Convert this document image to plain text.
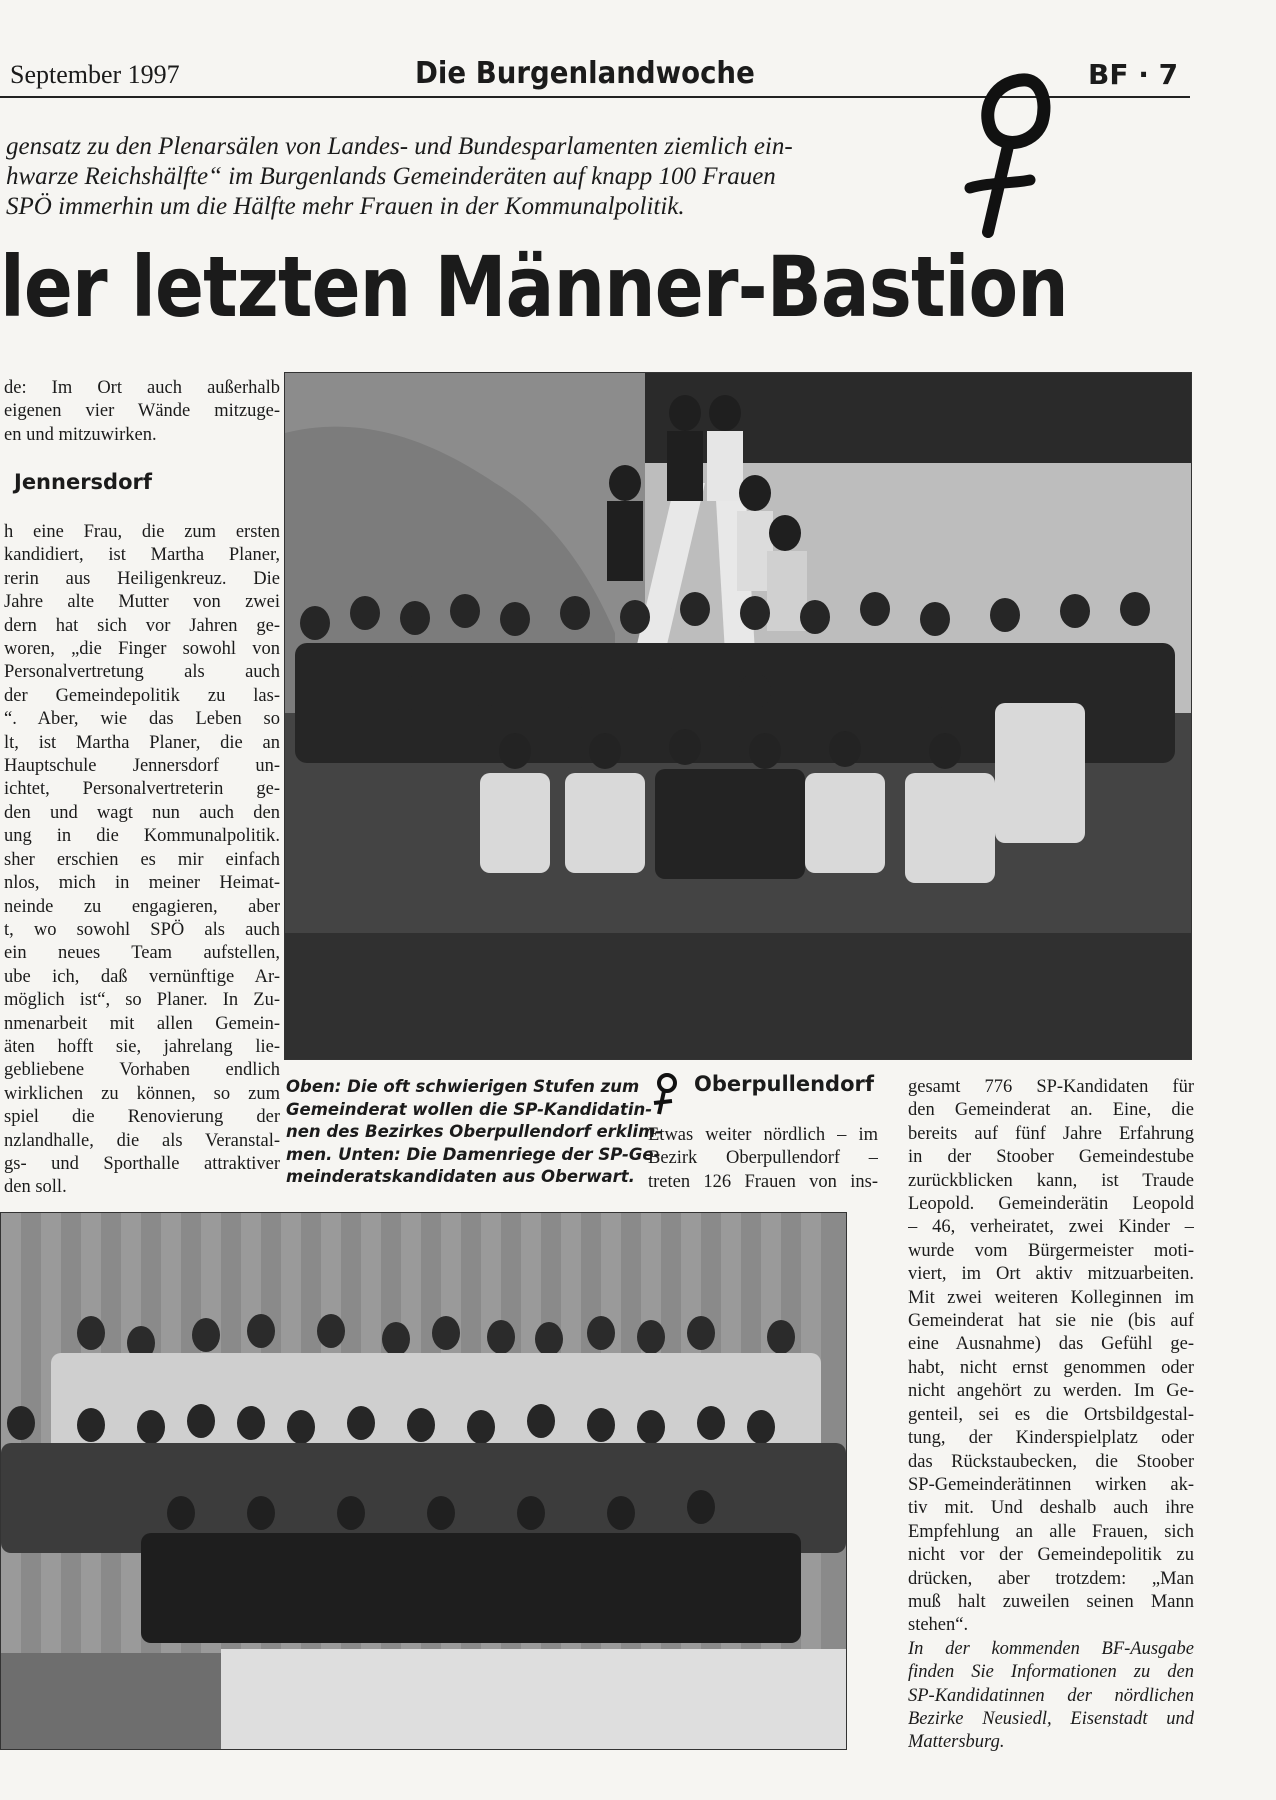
September 1997	Die Burgenlandwoche	BF · 7
gensatz zu den Plenarsälen von Landes- und Bundesparlamenten ziemlich ein-
hwarze Reichshälfte“ im Burgenlands Gemeinderäten auf knapp 100 Frauen
SPÖ immerhin um die Hälfte mehr Frauen in der Kommunalpolitik.
ler letzten Männer-Bastion
de: Im Ort auch außerhalb
eigenen vier Wände mitzuge-
en und mitzuwirken.
Jennersdorf
h eine Frau, die zum ersten
kandidiert, ist Martha Planer,
rerin aus Heiligenkreuz. Die
Jahre alte Mutter von zwei
dern hat sich vor Jahren ge-
woren, „die Finger sowohl von
Personalvertretung als auch
der Gemeindepolitik zu las-
“. Aber, wie das Leben so
lt, ist Martha Planer, die an
Hauptschule Jennersdorf un-
ichtet, Personalvertreterin ge-
den und wagt nun auch den
ung in die Kommunalpolitik.
sher erschien es mir einfach
nlos, mich in meiner Heimat-
neinde zu engagieren, aber
t, wo sowohl SPÖ als auch
ein neues Team aufstellen,
ube ich, daß vernünftige Ar-
möglich ist“, so Planer. In Zu-
nmenarbeit mit allen Gemein-
äten hofft sie, jahrelang lie-
gebliebene Vorhaben endlich
wirklichen zu können, so zum
spiel die Renovierung der
nzlandhalle, die als Veranstal-
gs- und Sporthalle attraktiver
den soll.
Oben: Die oft schwierigen Stufen zum
Gemeinderat wollen die SP-Kandidatin-
nen des Bezirkes Oberpullendorf erklim-
men. Unten: Die Damenriege der SP-Ge-
meinderatskandidaten aus Oberwart.
Oberpullendorf
Etwas weiter nördlich – im
Bezirk Oberpullendorf –
treten 126 Frauen von ins-
gesamt 776 SP-Kandidaten für
den Gemeinderat an. Eine, die
bereits auf fünf Jahre Erfahrung
in der Stoober Gemeindestube
zurückblicken kann, ist Traude
Leopold. Gemeinderätin Leopold
– 46, verheiratet, zwei Kinder –
wurde vom Bürgermeister moti-
viert, im Ort aktiv mitzuarbeiten.
Mit zwei weiteren Kolleginnen im
Gemeinderat hat sie nie (bis auf
eine Ausnahme) das Gefühl ge-
habt, nicht ernst genommen oder
nicht angehört zu werden. Im Ge-
genteil, sei es die Ortsbildgestal-
tung, der Kinderspielplatz oder
das Rückstaubecken, die Stoober
SP-Gemeinderätinnen wirken ak-
tiv mit. Und deshalb auch ihre
Empfehlung an alle Frauen, sich
nicht vor der Gemeindepolitik zu
drücken, aber trotzdem: „Man
muß halt zuweilen seinen Mann
stehen“.
In der kommenden BF-Ausgabe
finden Sie Informationen zu den
SP-Kandidatinnen der nördlichen
Bezirke Neusiedl, Eisenstadt und
Mattersburg.
